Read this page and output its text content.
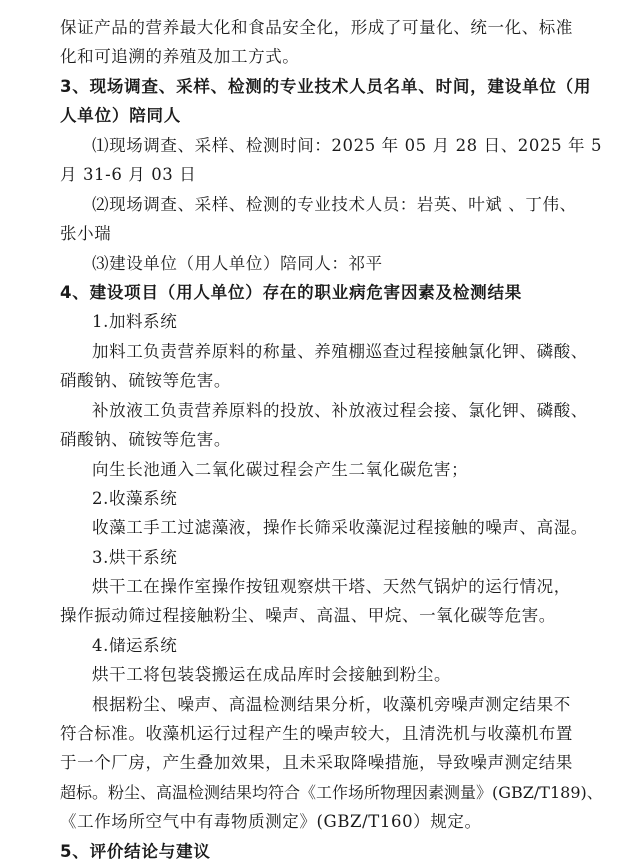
保证产品的营养最大化和食品安全化，形成了可量化、统一化、标准
化和可追溯的养殖及加工方式。
3、现场调查、采样、检测的专业技术人员名单、时间，建设单位（用
人单位）陪同人
⑴现场调查、采样、检测时间：2025 年 05 月 28 日、2025 年 5
月 31-6 月 03 日
⑵现场调查、采样、检测的专业技术人员：岩英、叶斌 、丁伟、
张小瑞
⑶建设单位（用人单位）陪同人：祁平
4、建设项目（用人单位）存在的职业病危害因素及检测结果
1.加料系统
加料工负责营养原料的称量、养殖棚巡查过程接触氯化钾、磷酸、
硝酸钠、硫铵等危害。
补放液工负责营养原料的投放、补放液过程会接、氯化钾、磷酸、
硝酸钠、硫铵等危害。
向生长池通入二氧化碳过程会产生二氧化碳危害；
2.收藻系统
收藻工手工过滤藻液，操作长筛采收藻泥过程接触的噪声、高湿。
3.烘干系统
烘干工在操作室操作按钮观察烘干塔、天然气锅炉的运行情况，
操作振动筛过程接触粉尘、噪声、高温、甲烷、一氧化碳等危害。
4.储运系统
烘干工将包装袋搬运在成品库时会接触到粉尘。
根据粉尘、噪声、高温检测结果分析，收藻机旁噪声测定结果不
符合标准。收藻机运行过程产生的噪声较大，且清洗机与收藻机布置
于一个厂房，产生叠加效果，且未采取降噪措施，导致噪声测定结果
超标。粉尘、高温检测结果均符合《工作场所物理因素测量》(GBZ/T189)、
《工作场所空气中有毒物质测定》(GBZ/T160）规定。
5、评价结论与建议
